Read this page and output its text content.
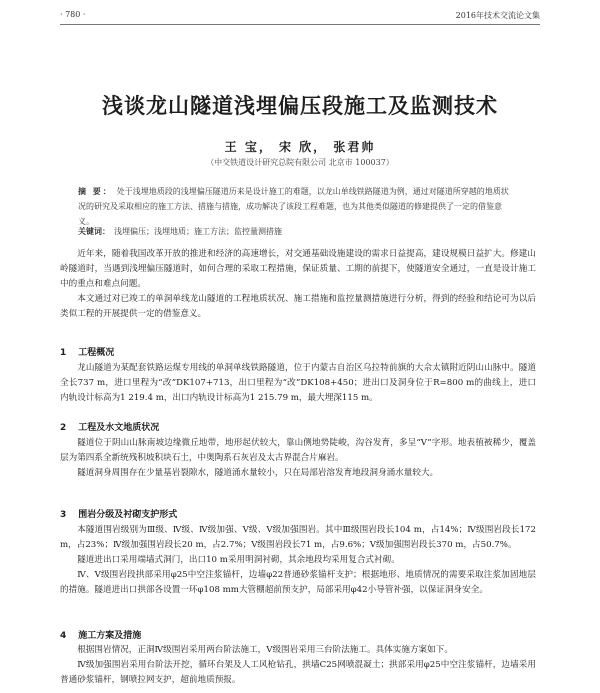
· 780 ·	2016年技术交流论文集
浅谈龙山隧道浅埋偏压段施工及监测技术
王 宝， 宋 欣， 张君帅
（中交铁道设计研究总院有限公司 北京市 100037）
摘 要： 处于浅埋地质段的浅埋偏压隧道历来是设计施工的难题，以龙山单线铁路隧道为例，通过对隧道所穿越的地质状况的研究及采取相应的施工方法、措施与措施，成功解决了该段工程难题，也为其他类似隧道的修建提供了一定的借鉴意义。
关键词： 浅埋偏压；浅埋地质；施工方法；监控量测措施

近年来，随着我国改革开放的推进和经济的高速增长，对交通基础设施建设的需求日益提高，建设规模日益扩大。修建山岭隧道时，当遇到浅埋偏压隧道时，如何合理的采取工程措施，保证质量、工期的前提下，使隧道安全通过，一直是设计施工中的重点和难点问题。

本文通过对已竣工的单洞单线龙山隧道的工程地质状况、施工措施和监控量测措施进行分析，得到的经验和结论可为以后类似工程的开展提供一定的借鉴意义。

1 工程概况

龙山隧道为某配套铁路运煤专用线的单洞单线铁路隧道，位于内蒙古自治区乌拉特前旗的大佘太镇附近阴山山脉中。隧道全长737 m，进口里程为“改”DK107+713，出口里程为“改”DK108+450；进出口及洞身位于R=800 m的曲线上，进口内轨设计标高为1 219.4 m，出口内轨设计标高为1 215.79 m，最大埋深115 m。

2 工程及水文地质状况

隧道位于阴山山脉南坡边缘微丘地带，地形起伏较大，靠山侧地势陡峻，沟谷发育，多呈“V”字形。地表植被稀少，覆盖层为第四系全新统残积坡积块石土，中奥陶系石灰岩及太古界混合片麻岩。

隧道洞身周围存在少量基岩裂隙水，隧道涌水量较小，只在局部岩溶发育地段洞身涌水量较大。

3 围岩分级及衬砌支护形式

本隧道围岩级别为Ⅲ级、Ⅳ级、Ⅳ级加强、Ⅴ级、Ⅴ级加强围岩。其中Ⅲ级围岩段长104 m，占14%；Ⅳ级围岩段长172 m，占23%；Ⅳ级加强围岩段长20 m，占2.7%；Ⅴ级围岩段长71 m，占9.6%；Ⅴ级加强围岩段长370 m，占50.7%。

隧道进出口采用端墙式洞门，出口10 m采用明洞衬砌，其余地段均采用复合式衬砌。

Ⅳ、Ⅴ级围岩段拱部采用φ25中空注浆锚杆，边墙φ22普通砂浆锚杆支护；根据地形、地质情况的需要采取注浆加固地层的措施。隧道进出口拱部各设置一环φ108 mm大管棚超前预支护，局部采用φ42小导管补强，以保证洞身安全。

4 施工方案及措施

根据围岩情况，正洞Ⅳ级围岩采用两台阶法施工，Ⅴ级围岩采用三台阶法施工。具体实施方案如下。

Ⅳ级加强围岩采用台阶法开挖，循环台架及人工风枪钻孔，拱墙C25网喷混凝土；拱部采用φ25中空注浆锚杆，边墙采用普通砂浆锚杆，钢喷拉网支护，超前地质预报。
